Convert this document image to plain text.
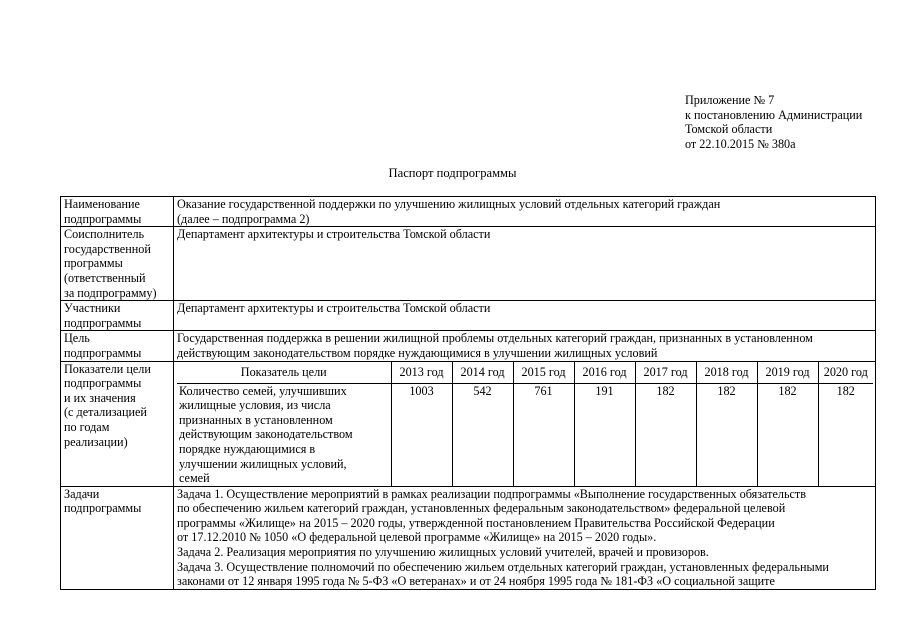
Приложение № 7
к постановлению Администрации
Томской области
от 22.10.2015 № 380а
Паспорт подпрограммы
Наименование
подпрограммы

Оказание государственной поддержки по улучшению жилищных условий отдельных категорий граждан
(далее – подпрограмма 2)

Соисполнитель
государственной
программы
(ответственный
за подпрограмму)

Департамент архитектуры и строительства Томской области

Участники
подпрограммы

Департамент архитектуры и строительства Томской области

Цель
подпрограммы

Государственная поддержка в решении жилищной проблемы отдельных категорий граждан, признанных в установленном
действующим законодательством порядке нуждающимися в улучшении жилищных условий

Показатели цели
подпрограммы
и их значения
(с детализацией
по годам
реализации)

Показатель цели	2013 год	2014 год	2015 год	2016 год	2017 год	2018 год	2019 год	2020 год

Количество семей, улучшивших
жилищные условия, из числа
признанных в установленном
действующим законодательством
порядке нуждающимися в
улучшении жилищных условий,
семей
	1003	542	761	191	182	182	182	182

Задачи
подпрограммы

Задача 1. Осуществление мероприятий в рамках реализации подпрограммы «Выполнение государственных обязательств
по обеспечению жильем категорий граждан, установленных федеральным законодательством» федеральной целевой
программы «Жилище» на 2015 – 2020 годы, утвержденной постановлением Правительства Российской Федерации
от 17.12.2010 № 1050 «О федеральной целевой программе «Жилище» на 2015 – 2020 годы».
Задача 2. Реализация мероприятия по улучшению жилищных условий учителей, врачей и провизоров.
Задача 3. Осуществление полномочий по обеспечению жильем отдельных категорий граждан, установленных федеральными
законами от 12 января 1995 года № 5-ФЗ «О ветеранах» и от 24 ноября 1995 года № 181-ФЗ «О социальной защите
